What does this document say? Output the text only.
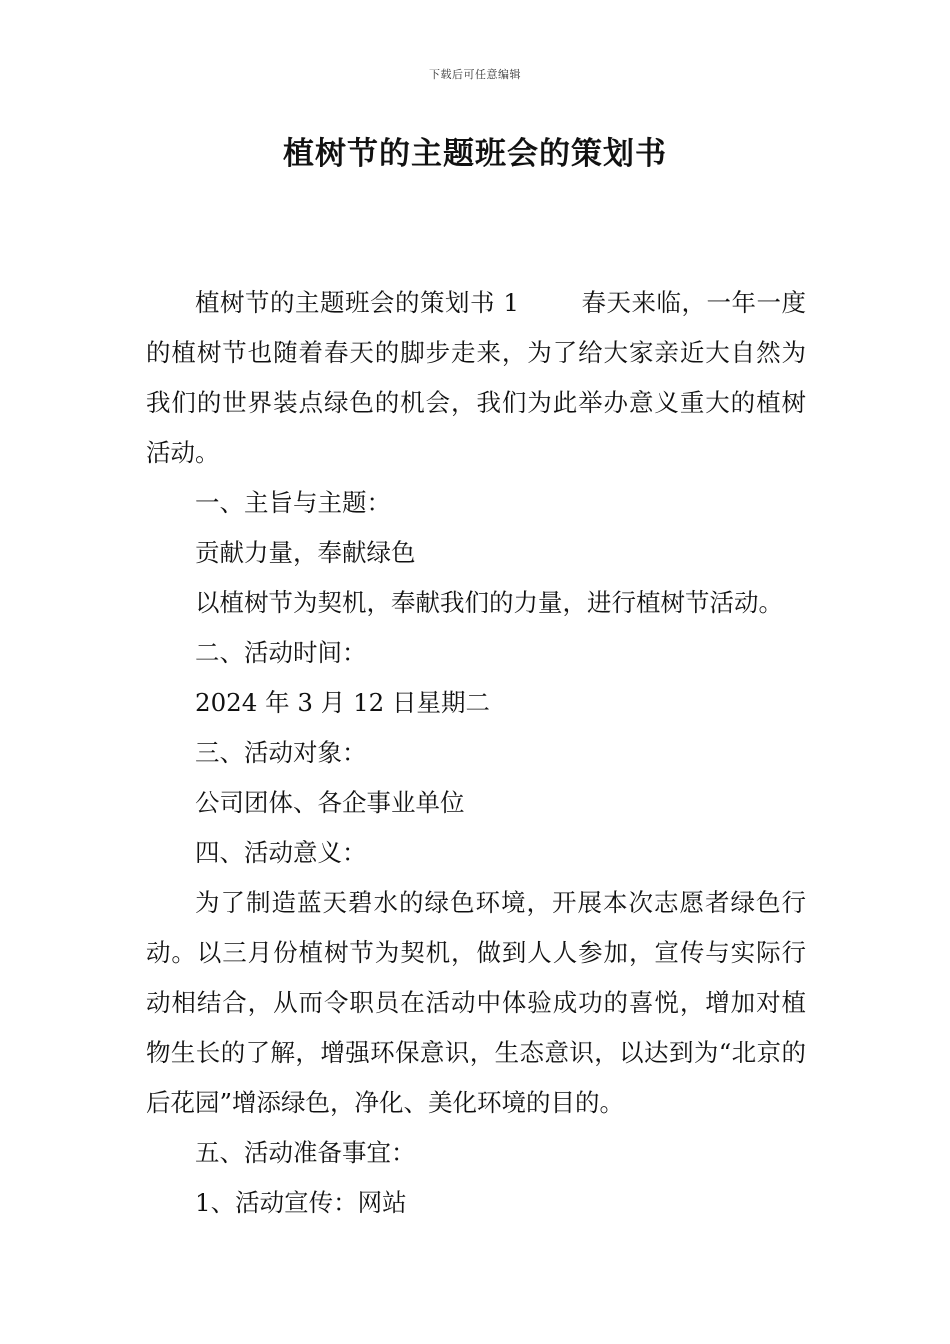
下载后可任意编辑
植树节的主题班会的策划书

植树节的主题班会的策划书 1	春天来临，一年一度的植树节也随着春天的脚步走来，为了给大家亲近大自然为我们的世界装点绿色的机会，我们为此举办意义重大的植树活动。

一、主旨与主题：

贡献力量，奉献绿色

以植树节为契机，奉献我们的力量，进行植树节活动。

二、活动时间：

2024 年 3 月 12 日星期二

三、活动对象：

公司团体、各企事业单位

四、活动意义：

为了制造蓝天碧水的绿色环境，开展本次志愿者绿色行动。以三月份植树节为契机，做到人人参加，宣传与实际行动相结合，从而令职员在活动中体验成功的喜悦，增加对植物生长的了解，增强环保意识，生态意识，以达到为“北京的后花园”增添绿色，净化、美化环境的目的。

五、活动准备事宜：

1、活动宣传：网站
